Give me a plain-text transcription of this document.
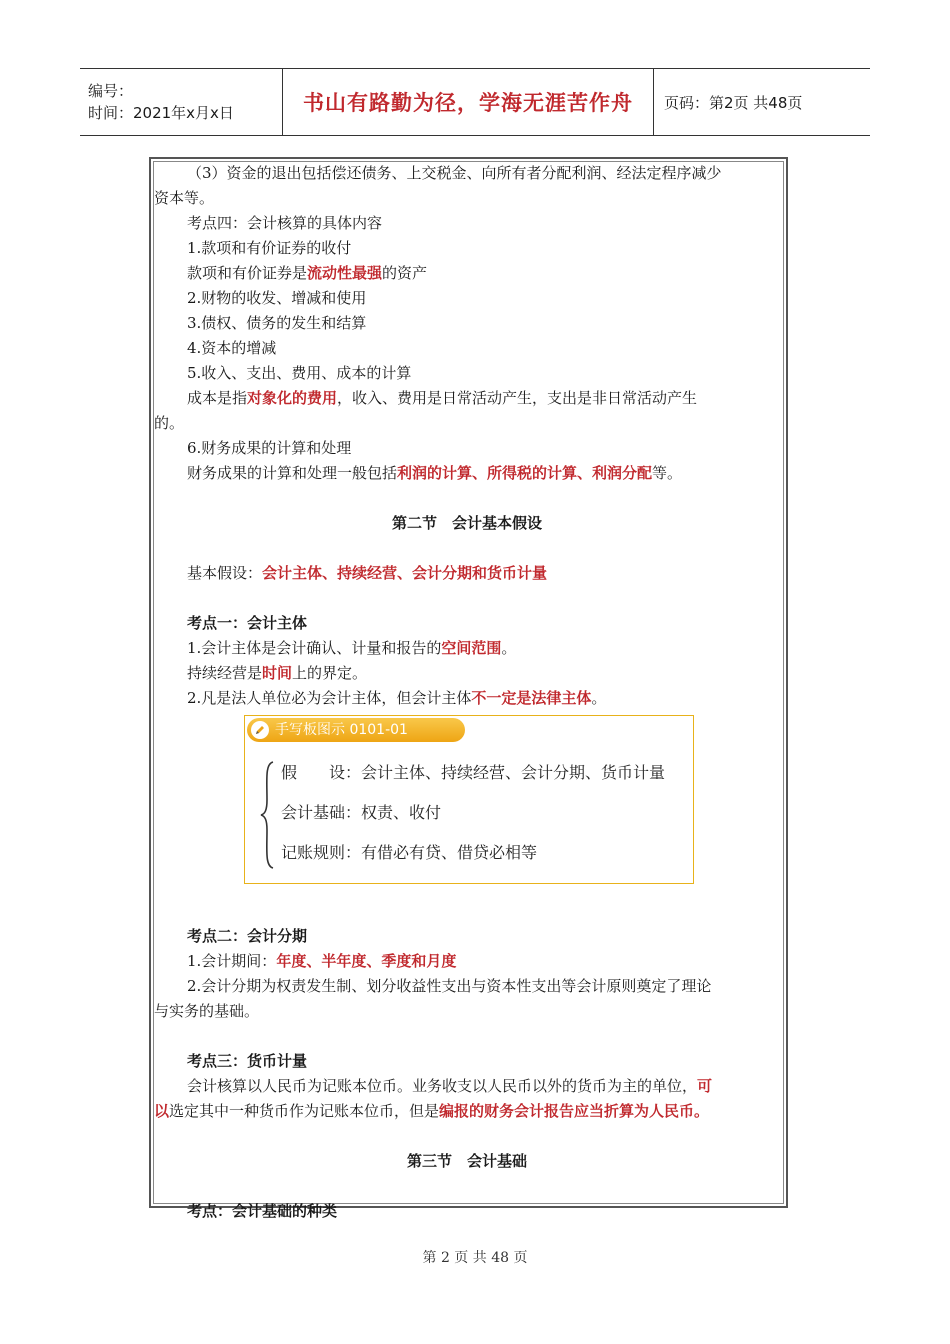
编号：
时间：2021年x月x日	书山有路勤为径，学海无涯苦作舟	页码：第2页 共48页

（3）资金的退出包括偿还债务、上交税金、向所有者分配利润、经法定程序减少

资本等。

考点四：会计核算的具体内容

1.款项和有价证券的收付

款项和有价证券是流动性最强的资产

2.财物的收发、增减和使用

3.债权、债务的发生和结算

4.资本的增减

5.收入、支出、费用、成本的计算

成本是指对象化的费用，收入、费用是日常活动产生，支出是非日常活动产生

的。

6.财务成果的计算和处理

财务成果的计算和处理一般包括利润的计算、所得税的计算、利润分配等。

第二节　会计基本假设

基本假设：会计主体、持续经营、会计分期和货币计量

考点一：会计主体

1.会计主体是会计确认、计量和报告的空间范围。

持续经营是时间上的界定。

2.凡是法人单位必为会计主体，但会计主体不一定是法律主体。

手写板图示 0101-01
假　　设：会计主体、持续经营、会计分期、货币计量
会计基础：权责、收付
记账规则：有借必有贷、借贷必相等

考点二：会计分期

1.会计期间：年度、半年度、季度和月度

2.会计分期为权责发生制、划分收益性支出与资本性支出等会计原则奠定了理论

与实务的基础。

考点三：货币计量

会计核算以人民币为记账本位币。业务收支以人民币以外的货币为主的单位，可

以选定其中一种货币作为记账本位币，但是编报的财务会计报告应当折算为人民币。

第三节　会计基础

考点：会计基础的种类

第 2 页 共 48 页
